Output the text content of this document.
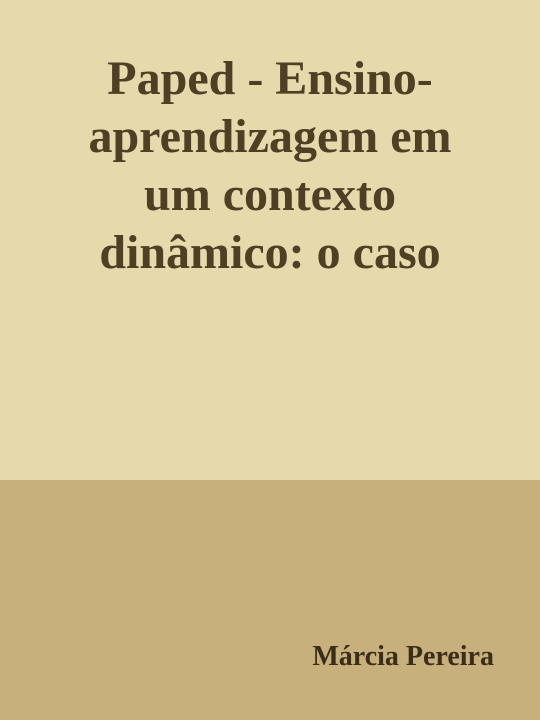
Paped - Ensino-
aprendizagem em
um contexto
dinâmico: o caso

Márcia Pereira
